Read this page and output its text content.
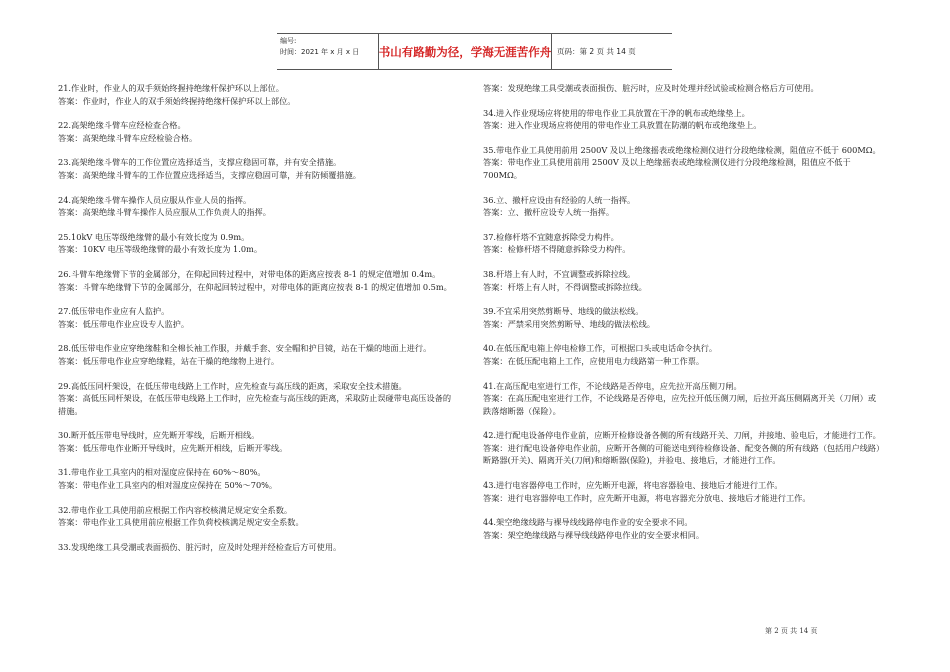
编号:
时间：2021 年 x 月 x 日	书山有路勤为径，学海无涯苦作舟 页码：第 2 页 共 14 页

21.作业时，作业人的双手须始终握持绝缘杆保护环以上部位。

答案：作业时，作业人的双手须始终握持绝缘杆保护环以上部位。

22.高架绝缘斗臂车应经检查合格。

答案：高架绝缘斗臂车应经检验合格。

23.高架绝缘斗臂车的工作位置应选择适当，支撑应稳固可靠，并有安全措施。

答案：高架绝缘斗臂车的工作位置应选择适当，支撑应稳固可靠，并有防倾覆措施。

24.高架绝缘斗臂车操作人员应服从作业人员的指挥。

答案：高架绝缘斗臂车操作人员应服从工作负责人的指挥。

25.10kV 电压等级绝缘臂的最小有效长度为 0.9m。

答案：10KV 电压等级绝缘臂的最小有效长度为 1.0m。

26.斗臂车绝缘臂下节的金属部分，在仰起回转过程中，对带电体的距离应按表 8-1 的规定值增加 0.4m。

答案：斗臂车绝缘臂下节的金属部分，在仰起回转过程中，对带电体的距离应按表 8-1 的规定值增加 0.5m。

27.低压带电作业应有人监护。

答案：低压带电作业应设专人监护。

28.低压带电作业应穿绝缘鞋和全棉长袖工作服，并戴手套、安全帽和护目镜，站在干燥的地面上进行。

答案：低压带电作业应穿绝缘鞋，站在干燥的绝缘物上进行。

29.高低压同杆架设，在低压带电线路上工作时，应先检查与高压线的距离，采取安全技术措施。

答案：高低压同杆架设，在低压带电线路上工作时，应先检查与高压线的距离，采取防止误碰带电高压设备的措施。

30.断开低压带电导线时，应先断开零线，后断开相线。

答案：低压带电作业断开导线时，应先断开相线，后断开零线。

31.带电作业工具室内的相对湿度应保持在 60%～80%。

答案：带电作业工具室内的相对湿度应保持在 50%～70%。

32.带电作业工具使用前应根据工作内容校核满足规定安全系数。

答案：带电作业工具使用前应根据工作负荷校核满足规定安全系数。

33.发现绝缘工具受潮或表面损伤、脏污时，应及时处理并经检查后方可使用。

答案：发现绝缘工具受潮或表面损伤、脏污时，应及时处理并经试验或检测合格后方可使用。

34.进入作业现场应将使用的带电作业工具放置在干净的帆布或绝缘垫上。

答案：进入作业现场应将使用的带电作业工具放置在防潮的帆布或绝缘垫上。

35.带电作业工具使用前用 2500V 及以上绝缘摇表或绝缘检测仪进行分段绝缘检测，阻值应不低于 600MΩ。

答案：带电作业工具使用前用 2500V 及以上绝缘摇表或绝缘检测仪进行分段绝缘检测，阻值应不低于 700MΩ。

36.立、撤杆应设由有经验的人统一指挥。

答案：立、撤杆应设专人统一指挥。

37.检修杆塔不宜随意拆除受力构件。

答案：检修杆塔不得随意拆除受力构件。

38.杆塔上有人时，不宜调整或拆除拉线。

答案：杆塔上有人时，不得调整或拆除拉线。

39.不宜采用突然剪断导、地线的做法松线。

答案：严禁采用突然剪断导、地线的做法松线。

40.在低压配电箱上停电检修工作，可根据口头或电话命令执行。

答案：在低压配电箱上工作，应使用电力线路第一种工作票。

41.在高压配电室进行工作，不论线路是否停电，应先拉开高压侧刀闸。

答案：在高压配电室进行工作，不论线路是否停电，应先拉开低压侧刀闸，后拉开高压侧隔离开关（刀闸）或跌落熔断器（保险）。

42.进行配电设备停电作业前，应断开检修设备各侧的所有线路开关、刀闸，并接地、验电后，才能进行工作。

答案：进行配电设备停电作业前，应断开各侧的可能送电到待检修设备、配变各侧的所有线路（包括用户线路）断路器(开关)、隔离开关(刀闸)和熔断器(保险)，并验电、接地后，才能进行工作。

43.进行电容器停电工作时，应先断开电源，将电容器验电、接地后才能进行工作。

答案：进行电容器停电工作时，应先断开电源，将电容器充分放电、接地后才能进行工作。

44.架空绝缘线路与裸导线线路停电作业的安全要求不同。

答案：架空绝缘线路与裸导线线路停电作业的安全要求相同。

第 2 页 共 14 页
